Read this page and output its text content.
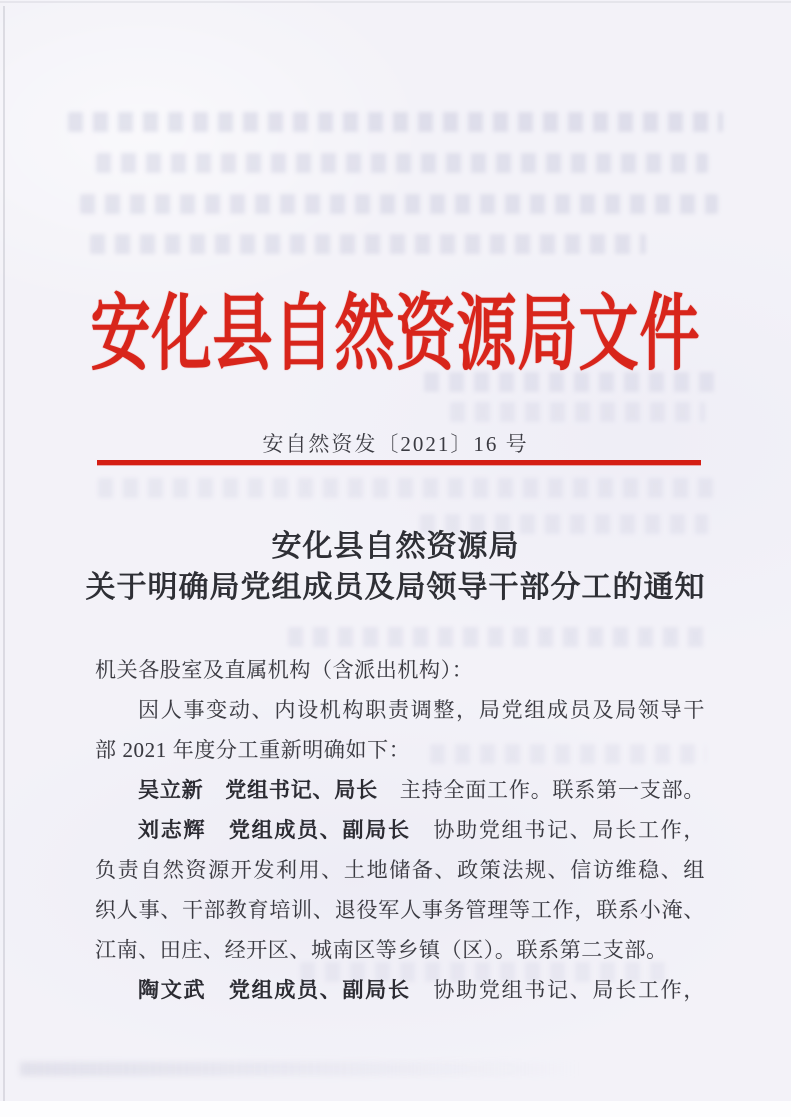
安化县自然资源局文件
安自然资发〔2021〕16 号
安化县自然资源局
关于明确局党组成员及局领导干部分工的通知
机关各股室及直属机构（含派出机构）：
因人事变动、内设机构职责调整，局党组成员及局领导干
部 2021 年度分工重新明确如下：
吴立新　党组书记、局长　主持全面工作。联系第一支部。
刘志辉　党组成员、副局长　协助党组书记、局长工作，
负责自然资源开发利用、土地储备、政策法规、信访维稳、组
织人事、干部教育培训、退役军人事务管理等工作，联系小淹、
江南、田庄、经开区、城南区等乡镇（区）。联系第二支部。
陶文武　党组成员、副局长　协助党组书记、局长工作，
